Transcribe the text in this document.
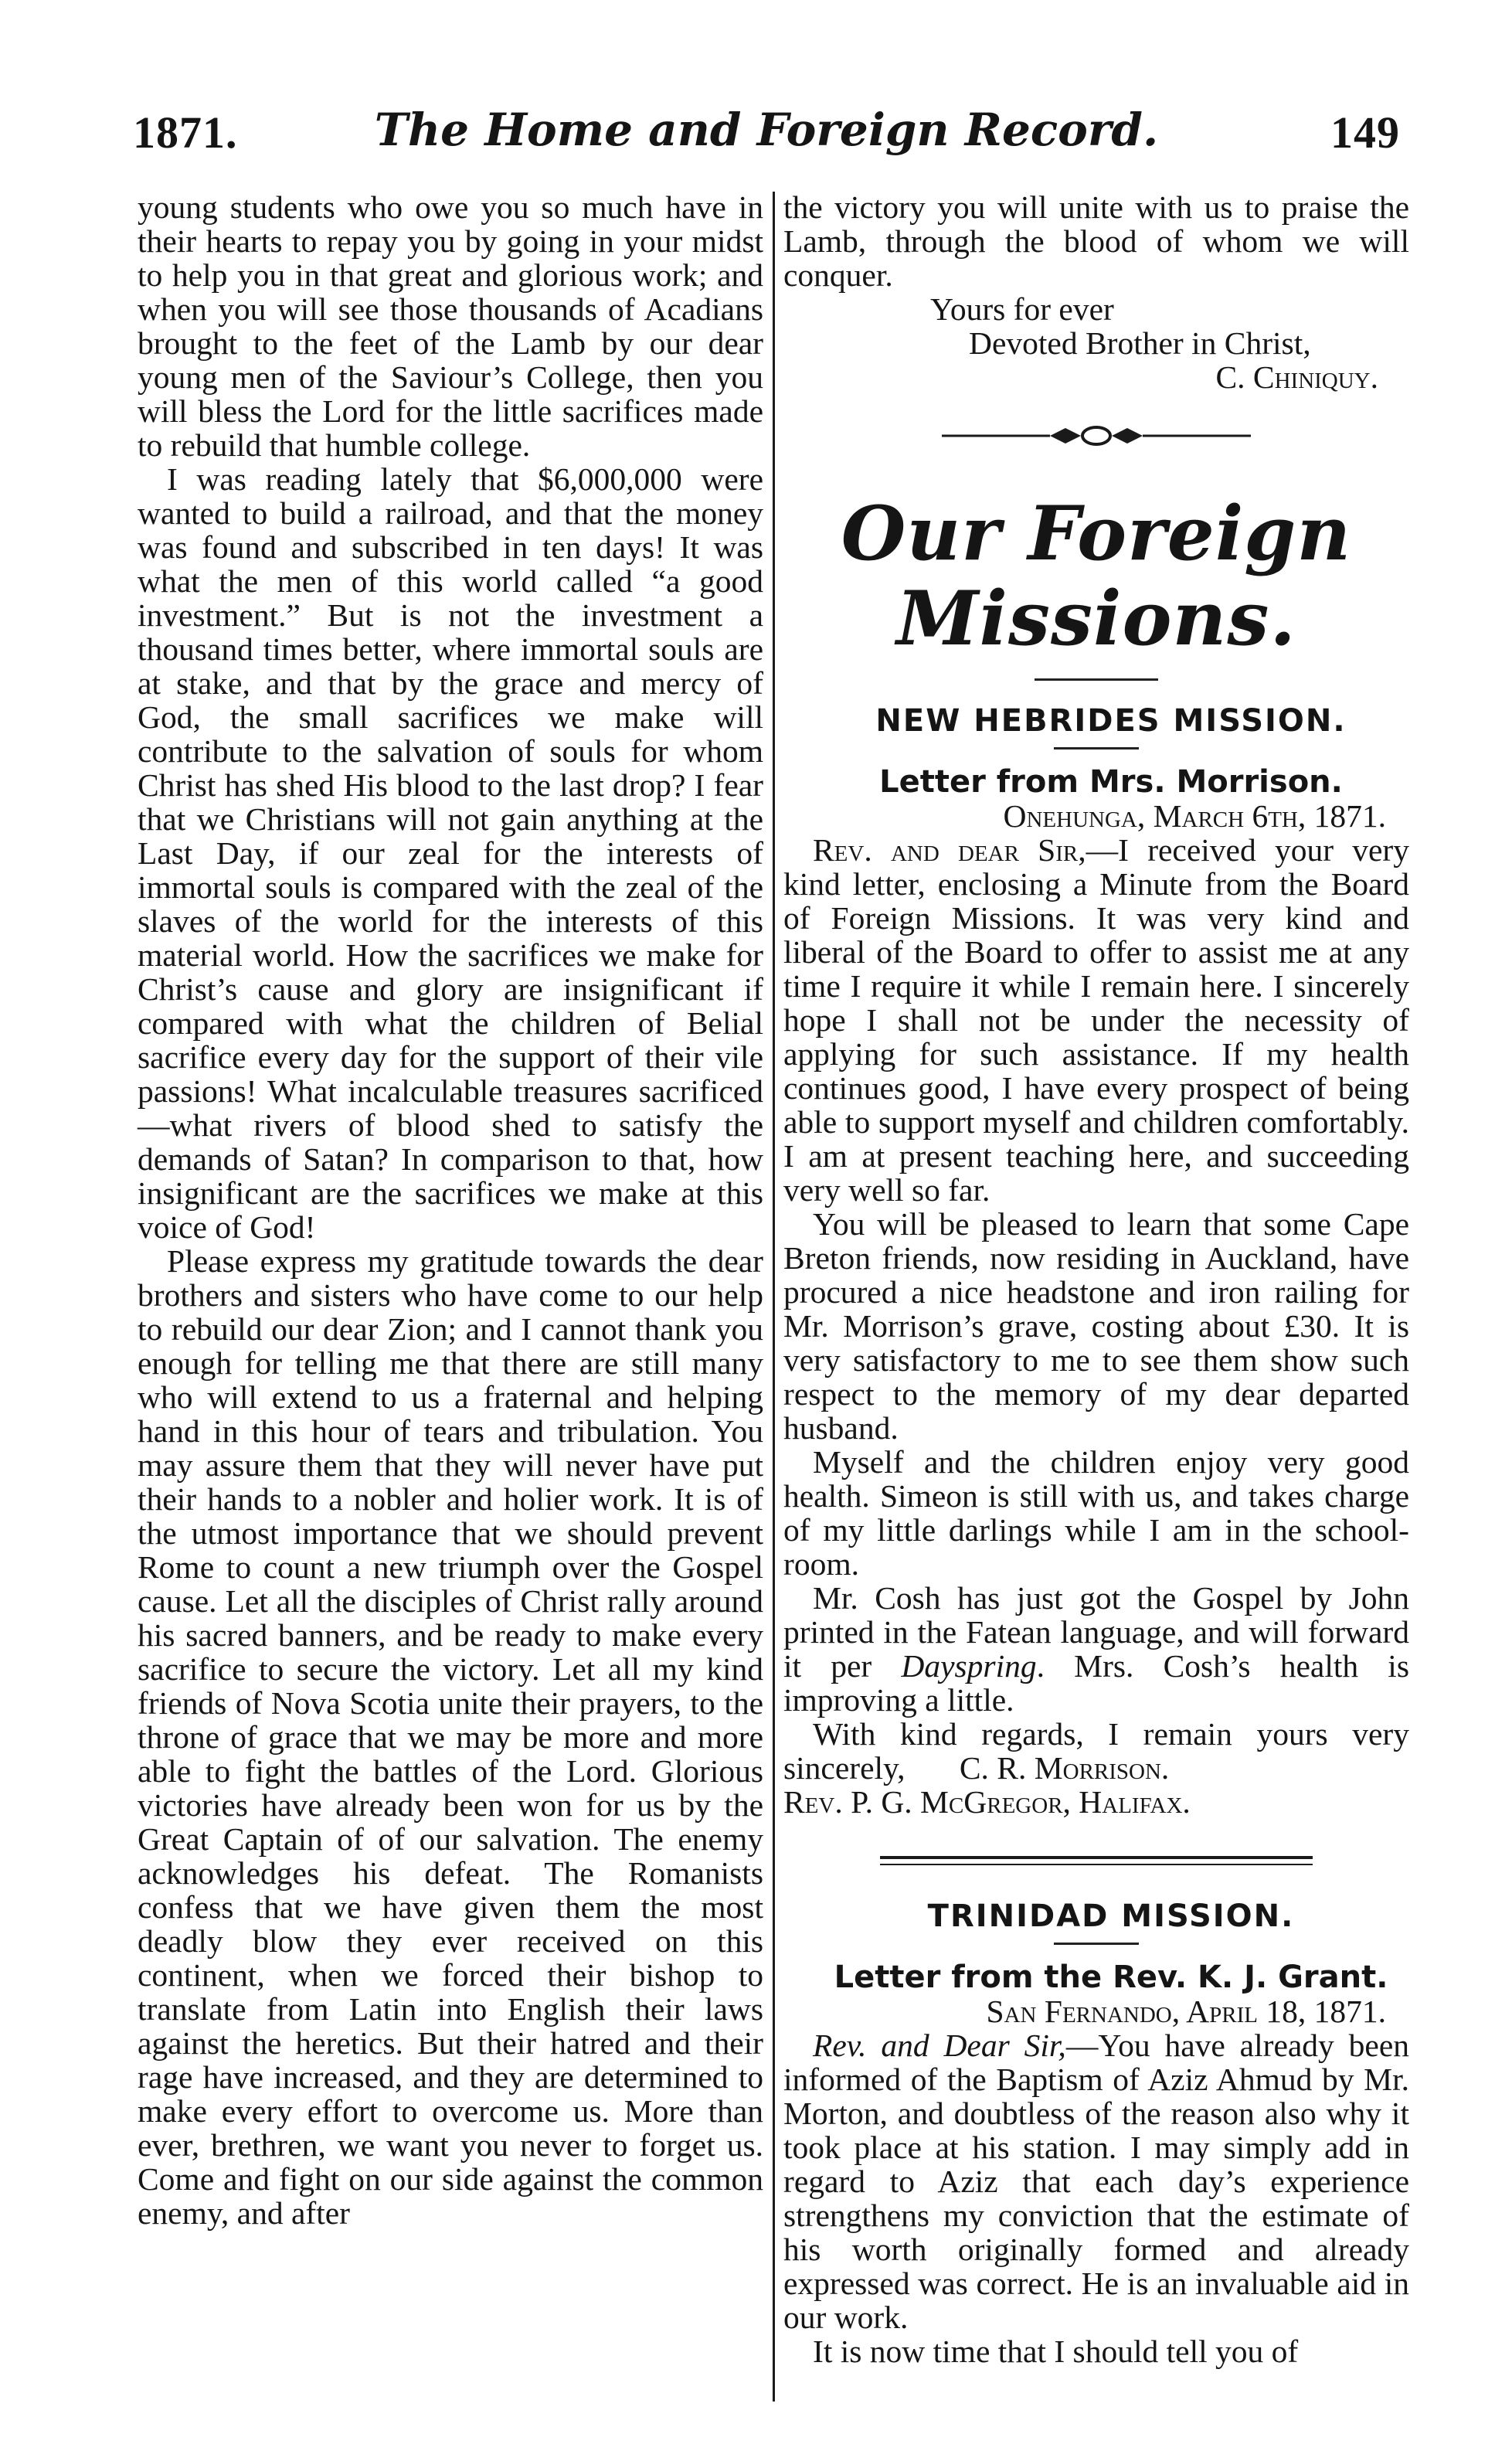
1871.	The Home and Foreign Record.	149

young students who owe you so much have in their hearts to repay you by going in your midst to help you in that great and glorious work; and when you will see those thousands of Acadians brought to the feet of the Lamb by our dear young men of the Saviour’s College, then you will bless the Lord for the little sacrifices made to rebuild that humble college.

I was reading lately that $6,000,000 were wanted to build a railroad, and that the money was found and subscribed in ten days! It was what the men of this world called “a good investment.” But is not the investment a thousand times better, where immortal souls are at stake, and that by the grace and mercy of God, the small sacrifices we make will contribute to the salvation of souls for whom Christ has shed His blood to the last drop? I fear that we Christians will not gain anything at the Last Day, if our zeal for the interests of immortal souls is compared with the zeal of the slaves of the world for the interests of this material world. How the sacrifices we make for Christ’s cause and glory are insignificant if compared with what the children of Belial sacrifice every day for the support of their vile passions! What incalculable treasures sacrificed—what rivers of blood shed to satisfy the demands of Satan? In comparison to that, how insignificant are the sacrifices we make at this voice of God!

Please express my gratitude towards the dear brothers and sisters who have come to our help to rebuild our dear Zion; and I cannot thank you enough for telling me that there are still many who will extend to us a fraternal and helping hand in this hour of tears and tribulation. You may assure them that they will never have put their hands to a nobler and holier work. It is of the utmost importance that we should prevent Rome to count a new triumph over the Gospel cause. Let all the disciples of Christ rally around his sacred banners, and be ready to make every sacrifice to secure the victory. Let all my kind friends of Nova Scotia unite their prayers, to the throne of grace that we may be more and more able to fight the battles of the Lord. Glorious victories have already been won for us by the Great Captain of of our salvation. The enemy acknowledges his defeat. The Romanists confess that we have given them the most deadly blow they ever received on this continent, when we forced their bishop to translate from Latin into English their laws against the heretics. But their hatred and their rage have increased, and they are determined to make every effort to overcome us. More than ever, brethren, we want you never to forget us. Come and fight on our side against the common enemy, and after

the victory you will unite with us to praise the Lamb, through the blood of whom we will conquer.

Yours for ever

Devoted Brother in Christ,

C. Chiniquy.

Our Foreign Missions.

NEW HEBRIDES MISSION.

Letter from Mrs. Morrison.

Onehunga, March 6th, 1871.

Rev. and dear Sir,—I received your very kind letter, enclosing a Minute from the Board of Foreign Missions. It was very kind and liberal of the Board to offer to assist me at any time I require it while I remain here. I sincerely hope I shall not be under the necessity of applying for such assistance. If my health continues good, I have every prospect of being able to support myself and children comfortably. I am at present teaching here, and succeeding very well so far.

You will be pleased to learn that some Cape Breton friends, now residing in Auckland, have procured a nice headstone and iron railing for Mr. Morrison’s grave, costing about £30. It is very satisfactory to me to see them show such respect to the memory of my dear departed husband.

Myself and the children enjoy very good health. Simeon is still with us, and takes charge of my little darlings while I am in the school-room.

Mr. Cosh has just got the Gospel by John printed in the Fatean language, and will forward it per Dayspring. Mrs. Cosh’s health is improving a little.

With kind regards, I remain yours very sincerely, C. R. Morrison.

Rev. P. G. McGregor, Halifax.

TRINIDAD MISSION.

Letter from the Rev. K. J. Grant.

San Fernando, April 18, 1871.

Rev. and Dear Sir,—You have already been informed of the Baptism of Aziz Ahmud by Mr. Morton, and doubtless of the reason also why it took place at his station. I may simply add in regard to Aziz that each day’s experience strengthens my conviction that the estimate of his worth originally formed and already expressed was correct. He is an invaluable aid in our work.

It is now time that I should tell you of
